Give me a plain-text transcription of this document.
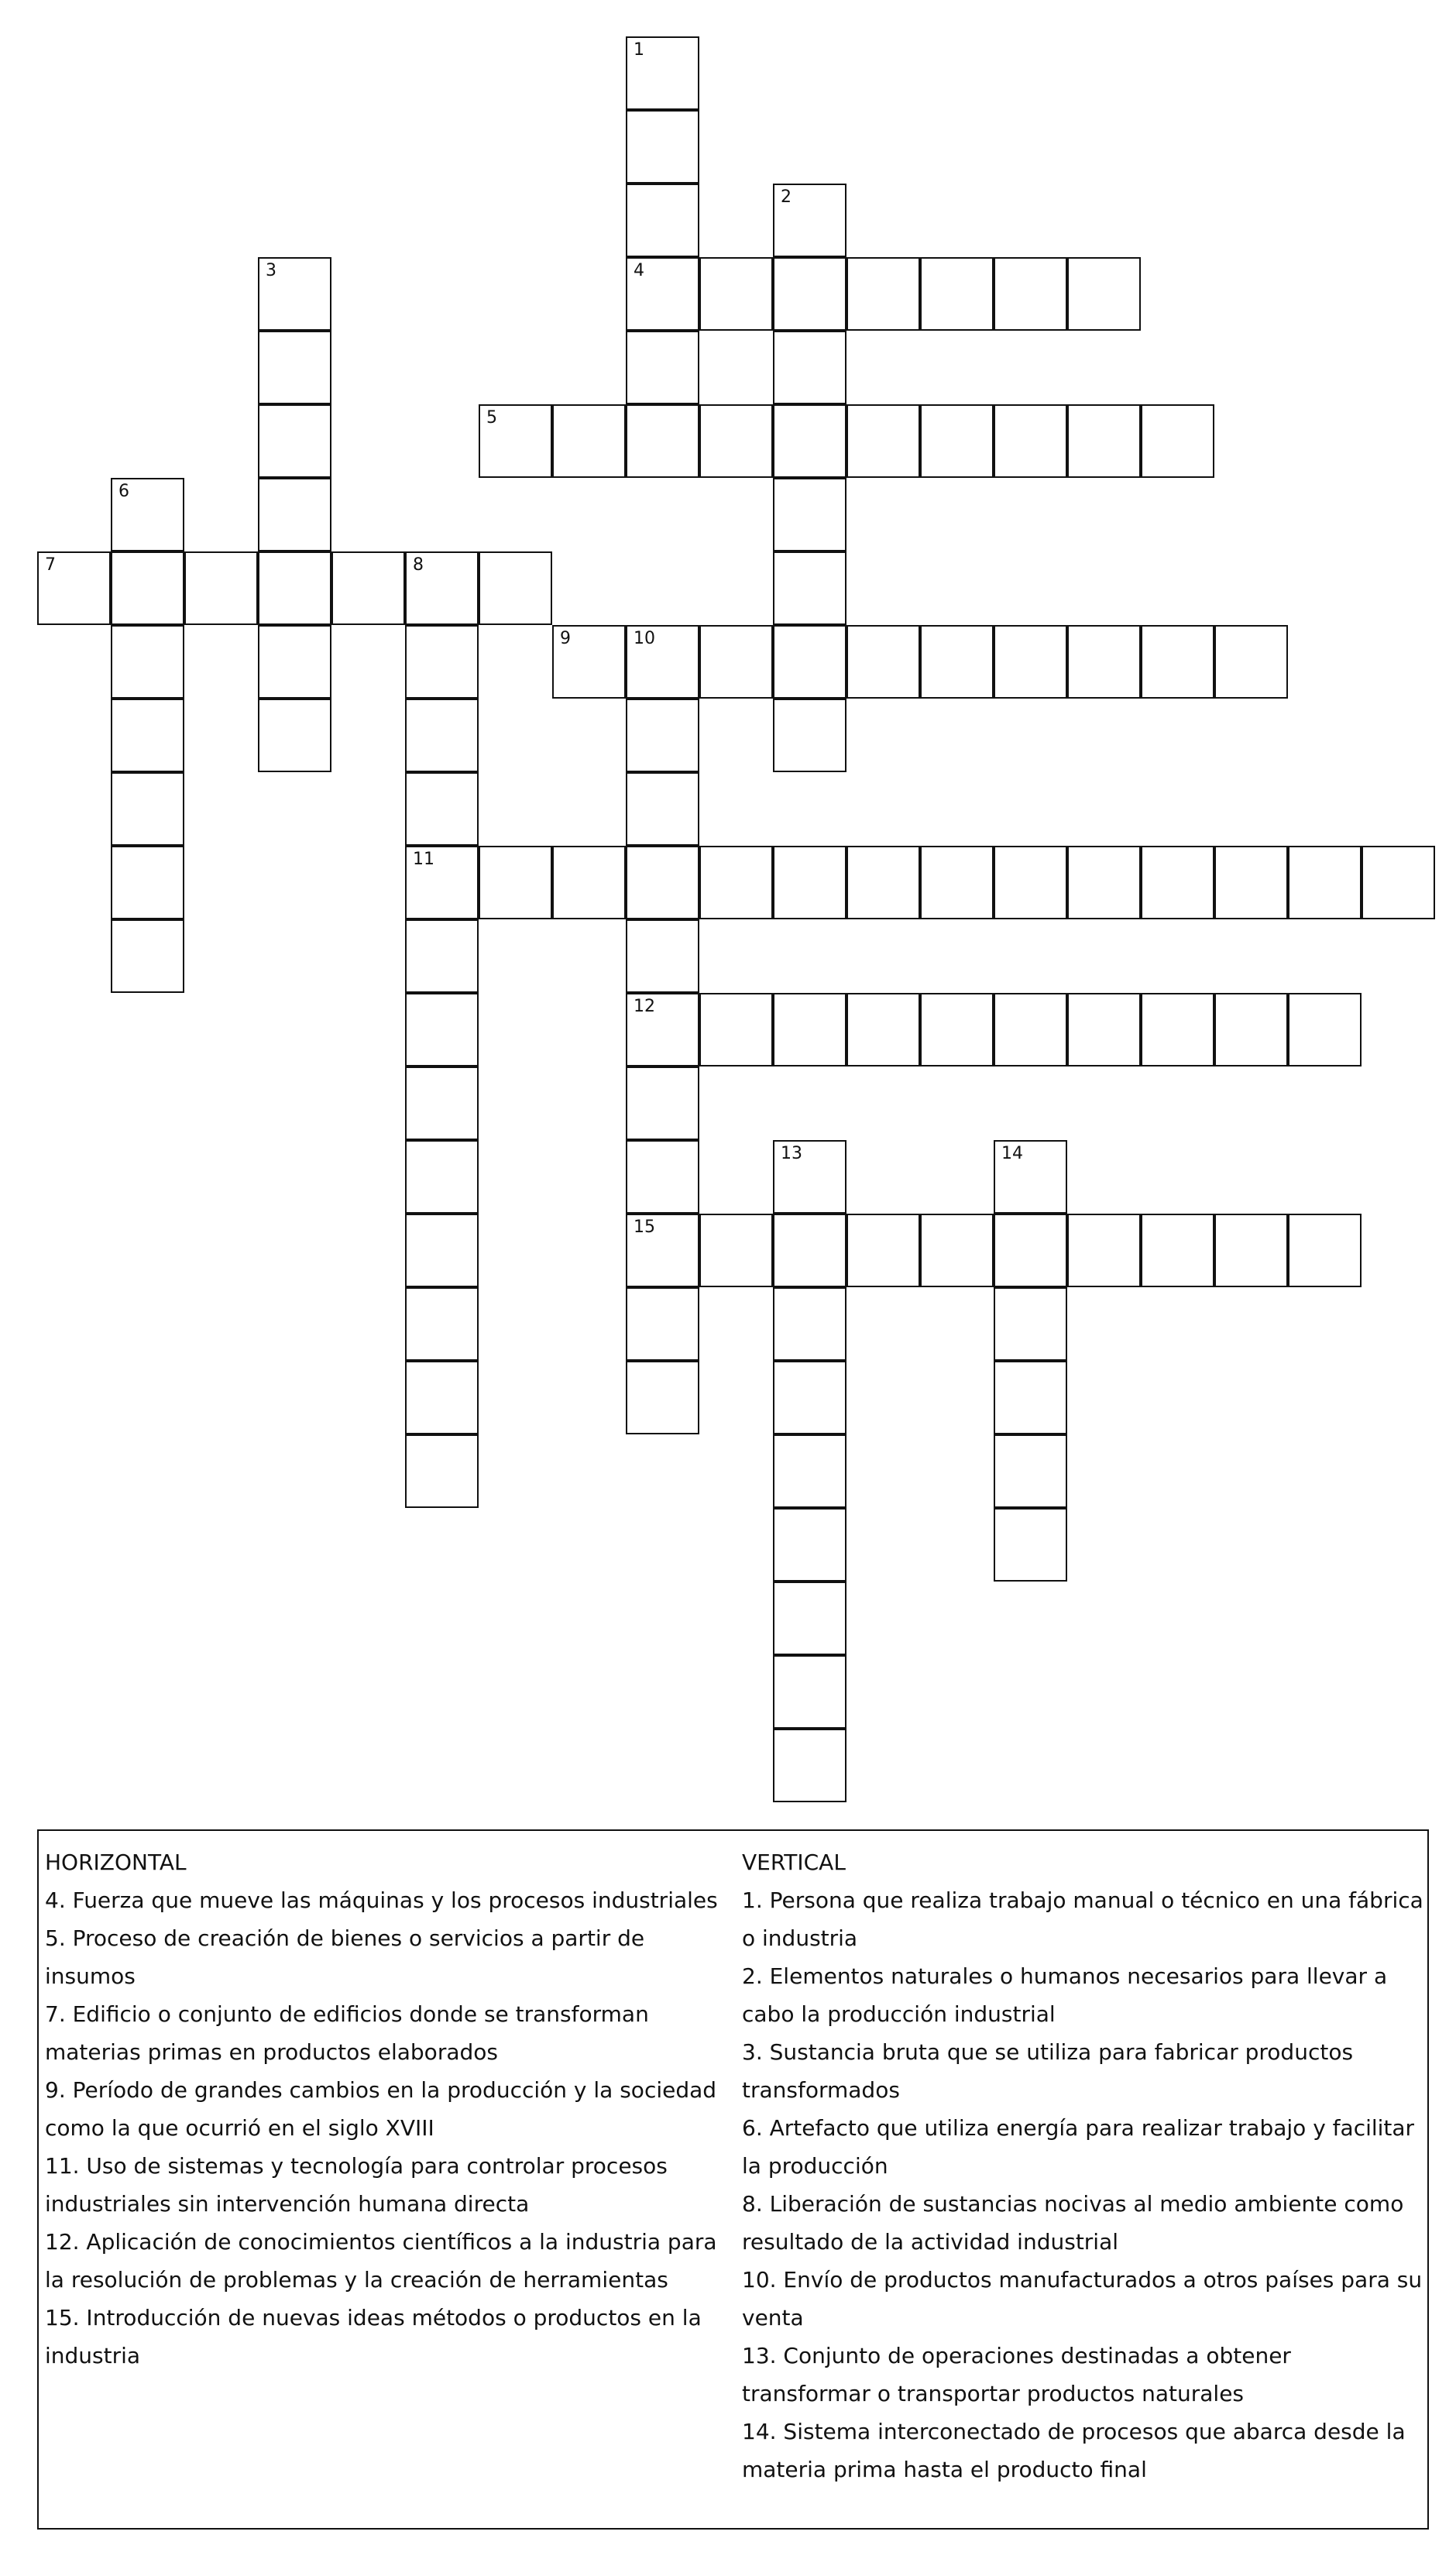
4
5
7	8
9	10
11
12
15
1
2
3
6
13	14

HORIZONTAL

4. Fuerza que mueve las máquinas y los procesos industriales

5. Proceso de creación de bienes o servicios a partir de insumos

7. Edificio o conjunto de edificios donde se transforman materias primas en productos elaborados

9. Período de grandes cambios en la producción y la sociedad como la que ocurrió en el siglo XVIII

11. Uso de sistemas y tecnología para controlar procesos industriales sin intervención humana directa

12. Aplicación de conocimientos científicos a la industria para la resolución de problemas y la creación de herramientas

15. Introducción de nuevas ideas métodos o productos en la industria

VERTICAL

1. Persona que realiza trabajo manual o técnico en una fábrica o industria

2. Elementos naturales o humanos necesarios para llevar a cabo la producción industrial

3. Sustancia bruta que se utiliza para fabricar productos transformados

6. Artefacto que utiliza energía para realizar trabajo y facilitar la producción

8. Liberación de sustancias nocivas al medio ambiente como resultado de la actividad industrial

10. Envío de productos manufacturados a otros países para su venta

13. Conjunto de operaciones destinadas a obtener transformar o transportar productos naturales

14. Sistema interconectado de procesos que abarca desde la materia prima hasta el producto final
